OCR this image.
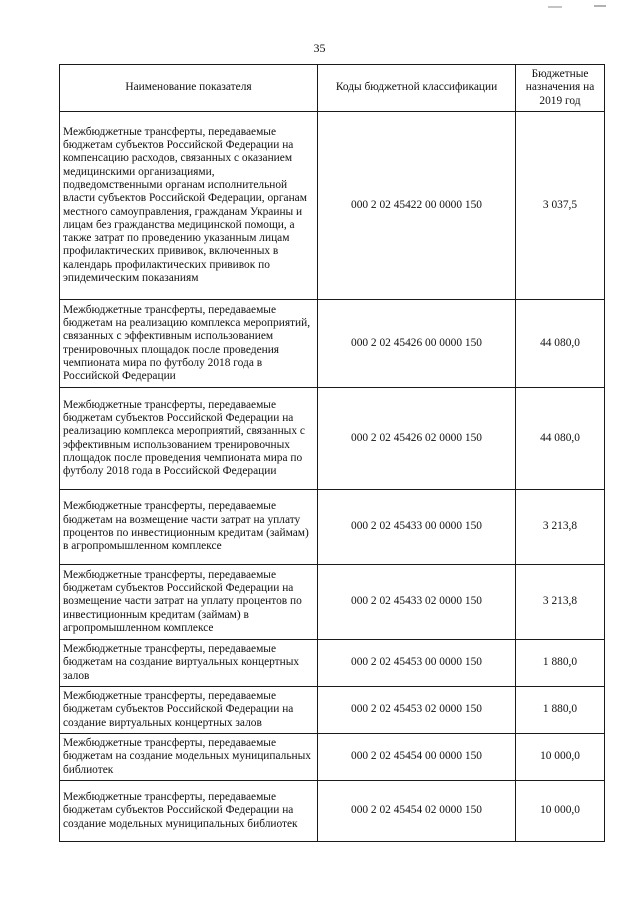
35
Наименование показателя	Коды бюджетной классификации	Бюджетные назначения на 2019 год
Межбюджетные трансферты, передаваемые бюджетам субъектов Российской Федерации на компенсацию расходов, связанных с оказанием медицинскими организациями, подведомственными органам исполнительной власти субъектов Российской Федерации, органам местного самоуправления, гражданам Украины и лицам без гражданства медицинской помощи, а также затрат по проведению указанным лицам профилактических прививок, включенных в календарь профилактических прививок по эпидемическим показаниям	000 2 02 45422 00 0000 150	3 037,5
Межбюджетные трансферты, передаваемые бюджетам на реализацию комплекса мероприятий, связанных с эффективным использованием тренировочных площадок после проведения чемпионата мира по футболу 2018 года в Российской Федерации	000 2 02 45426 00 0000 150	44 080,0
Межбюджетные трансферты, передаваемые бюджетам субъектов Российской Федерации на реализацию комплекса мероприятий, связанных с эффективным использованием тренировочных площадок после проведения чемпионата мира по футболу 2018 года в Российской Федерации	000 2 02 45426 02 0000 150	44 080,0
Межбюджетные трансферты, передаваемые бюджетам на возмещение части затрат на уплату процентов по инвестиционным кредитам (займам) в агропромышленном комплексе	000 2 02 45433 00 0000 150	3 213,8
Межбюджетные трансферты, передаваемые бюджетам субъектов Российской Федерации на возмещение части затрат на уплату процентов по инвестиционным кредитам (займам) в агропромышленном комплексе	000 2 02 45433 02 0000 150	3 213,8
Межбюджетные трансферты, передаваемые бюджетам на создание виртуальных концертных залов	000 2 02 45453 00 0000 150	1 880,0
Межбюджетные трансферты, передаваемые бюджетам субъектов Российской Федерации на создание виртуальных концертных залов	000 2 02 45453 02 0000 150	1 880,0
Межбюджетные трансферты, передаваемые бюджетам на создание модельных муниципальных библиотек	000 2 02 45454 00 0000 150	10 000,0
Межбюджетные трансферты, передаваемые бюджетам субъектов Российской Федерации на создание модельных муниципальных библиотек	000 2 02 45454 02 0000 150	10 000,0
